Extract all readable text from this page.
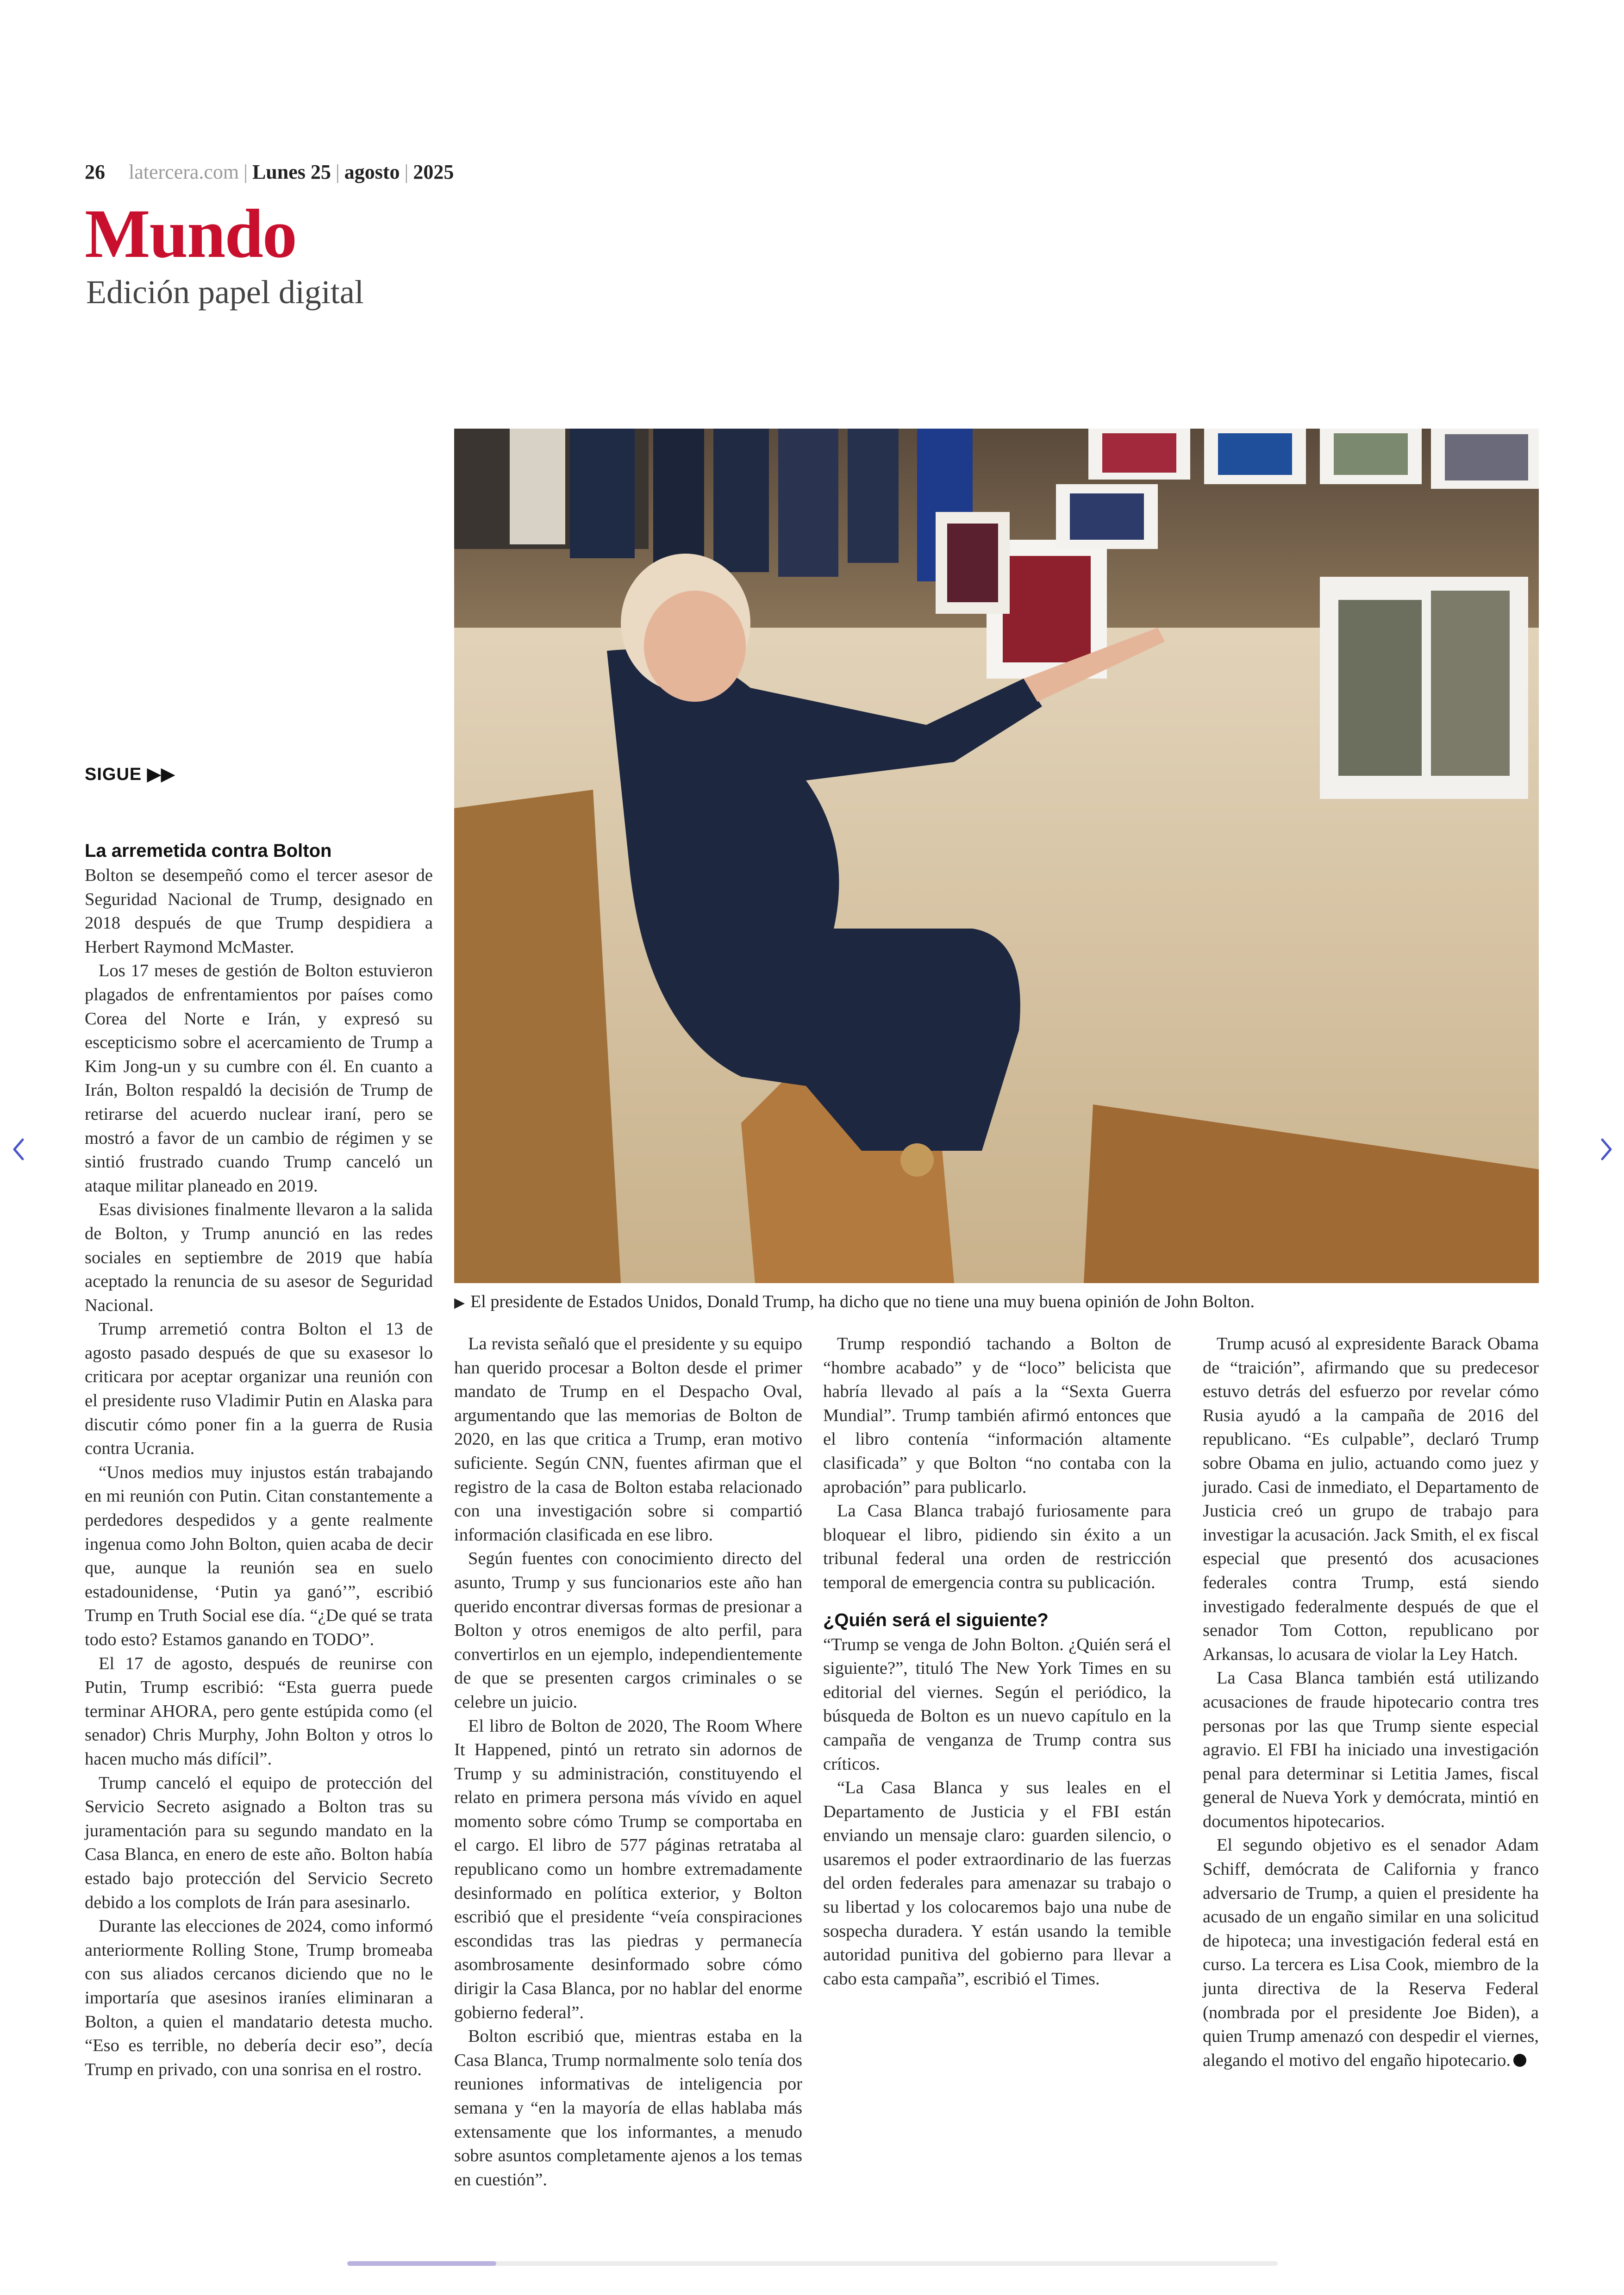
26 latercera.com | Lunes 25 | agosto | 2025
Mundo
Edición papel digital
▶ El presidente de Estados Unidos, Donald Trump, ha dicho que no tiene una muy buena opinión de John Bolton.
SIGUE ▶▶

La arremetida contra Bolton

Bolton se desempeñó como el tercer asesor de Seguridad Nacional de Trump, designado en 2018 después de que Trump despidiera a Herbert Raymond McMaster.

Los 17 meses de gestión de Bolton estuvieron plagados de enfrentamientos por países como Corea del Norte e Irán, y expresó su escepticismo sobre el acercamiento de Trump a Kim Jong-un y su cumbre con él. En cuanto a Irán, Bolton respaldó la decisión de Trump de retirarse del acuerdo nuclear iraní, pero se mostró a favor de un cambio de régimen y se sintió frustrado cuando Trump canceló un ataque militar planeado en 2019.

Esas divisiones finalmente llevaron a la salida de Bolton, y Trump anunció en las redes sociales en septiembre de 2019 que había aceptado la renuncia de su asesor de Seguridad Nacional.

Trump arremetió contra Bolton el 13 de agosto pasado después de que su exasesor lo criticara por aceptar organizar una reunión con el presidente ruso Vladimir Putin en Alaska para discutir cómo poner fin a la guerra de Rusia contra Ucrania.

“Unos medios muy injustos están trabajando en mi reunión con Putin. Citan constantemente a perdedores despedidos y a gente realmente ingenua como John Bolton, quien acaba de decir que, aunque la reunión sea en suelo estadounidense, ‘Putin ya ganó’”, escribió Trump en Truth Social ese día. “¿De qué se trata todo esto? Estamos ganando en TODO”.

El 17 de agosto, después de reunirse con Putin, Trump escribió: “Esta guerra puede terminar AHORA, pero gente estúpida como (el senador) Chris Murphy, John Bolton y otros lo hacen mucho más difícil”.

Trump canceló el equipo de protección del Servicio Secreto asignado a Bolton tras su juramentación para su segundo mandato en la Casa Blanca, en enero de este año. Bolton había estado bajo protección del Servicio Secreto debido a los complots de Irán para asesinarlo.

Durante las elecciones de 2024, como informó anteriormente Rolling Stone, Trump bromeaba con sus aliados cercanos diciendo que no le importaría que asesinos iraníes eliminaran a Bolton, a quien el mandatario detesta mucho. “Eso es terrible, no debería decir eso”, decía Trump en privado, con una sonrisa en el rostro.

La revista señaló que el presidente y su equipo han querido procesar a Bolton desde el primer mandato de Trump en el Despacho Oval, argumentando que las memorias de Bolton de 2020, en las que critica a Trump, eran motivo suficiente. Según CNN, fuentes afirman que el registro de la casa de Bolton estaba relacionado con una investigación sobre si compartió información clasificada en ese libro.

Según fuentes con conocimiento directo del asunto, Trump y sus funcionarios este año han querido encontrar diversas formas de presionar a Bolton y otros enemigos de alto perfil, para convertirlos en un ejemplo, independientemente de que se presenten cargos criminales o se celebre un juicio.

El libro de Bolton de 2020, The Room Where It Happened, pintó un retrato sin adornos de Trump y su administración, constituyendo el relato en primera persona más vívido en aquel momento sobre cómo Trump se comportaba en el cargo. El libro de 577 páginas retrataba al republicano como un hombre extremadamente desinformado en política exterior, y Bolton escribió que el presidente “veía conspiraciones escondidas tras las piedras y permanecía asombrosamente desinformado sobre cómo dirigir la Casa Blanca, por no hablar del enorme gobierno federal”.

Bolton escribió que, mientras estaba en la Casa Blanca, Trump normalmente solo tenía dos reuniones informativas de inteligencia por semana y “en la mayoría de ellas hablaba más extensamente que los informantes, a menudo sobre asuntos completamente ajenos a los temas en cuestión”.

Trump respondió tachando a Bolton de “hombre acabado” y de “loco” belicista que habría llevado al país a la “Sexta Guerra Mundial”. Trump también afirmó entonces que el libro contenía “información altamente clasificada” y que Bolton “no contaba con la aprobación” para publicarlo.

La Casa Blanca trabajó furiosamente para bloquear el libro, pidiendo sin éxito a un tribunal federal una orden de restricción temporal de emergencia contra su publicación.

¿Quién será el siguiente?

“Trump se venga de John Bolton. ¿Quién será el siguiente?”, tituló The New York Times en su editorial del viernes. Según el periódico, la búsqueda de Bolton es un nuevo capítulo en la campaña de venganza de Trump contra sus críticos.

“La Casa Blanca y sus leales en el Departamento de Justicia y el FBI están enviando un mensaje claro: guarden silencio, o usaremos el poder extraordinario de las fuerzas del orden federales para amenazar su trabajo o su libertad y los colocaremos bajo una nube de sospecha duradera. Y están usando la temible autoridad punitiva del gobierno para llevar a cabo esta campaña”, escribió el Times.

Trump acusó al expresidente Barack Obama de “traición”, afirmando que su predecesor estuvo detrás del esfuerzo por revelar cómo Rusia ayudó a la campaña de 2016 del republicano. “Es culpable”, declaró Trump sobre Obama en julio, actuando como juez y jurado. Casi de inmediato, el Departamento de Justicia creó un grupo de trabajo para investigar la acusación. Jack Smith, el ex fiscal especial que presentó dos acusaciones federales contra Trump, está siendo investigado federalmente después de que el senador Tom Cotton, republicano por Arkansas, lo acusara de violar la Ley Hatch.

La Casa Blanca también está utilizando acusaciones de fraude hipotecario contra tres personas por las que Trump siente especial agravio. El FBI ha iniciado una investigación penal para determinar si Letitia James, fiscal general de Nueva York y demócrata, mintió en documentos hipotecarios.

El segundo objetivo es el senador Adam Schiff, demócrata de California y franco adversario de Trump, a quien el presidente ha acusado de un engaño similar en una solicitud de hipoteca; una investigación federal está en curso. La tercera es Lisa Cook, miembro de la junta directiva de la Reserva Federal (nombrada por el presidente Joe Biden), a quien Trump amenazó con despedir el viernes, alegando el motivo del engaño hipotecario.
